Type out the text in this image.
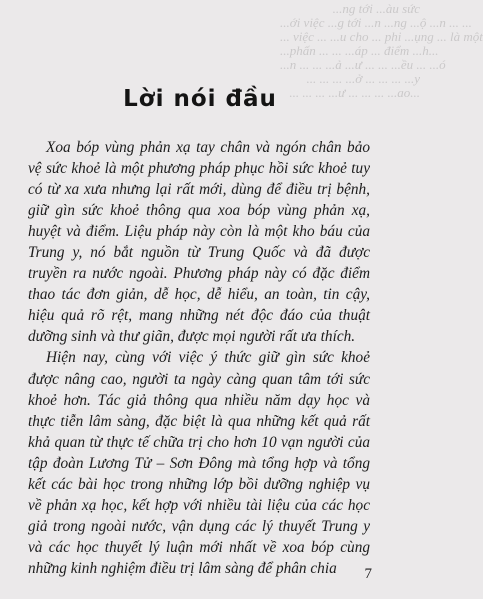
...ng tới ...àu sức
...ới việc ...g tới ...n ...ng ...ộ ...n ... ...
... việc ... ...u cho ... phi ...ụng ... là một
...phấn ... ... ...áp ... điểm ...h...
...n ... ... ...ả ...ư ... ... ...ều ... ...ó
... ... ... ...ở ... ... ... ...y
... ... ... ...ư ... ... ... ...ao...
Lời nói đầu

Xoa bóp vùng phản xạ tay chân và ngón chân bảo vệ sức khoẻ là một phương pháp phục hồi sức khoẻ tuy có từ xa xưa nhưng lại rất mới, dùng để điều trị bệnh, giữ gìn sức khoẻ thông qua xoa bóp vùng phản xạ, huyệt và điểm. Liệu pháp này còn là một kho báu của Trung y, nó bắt nguồn từ Trung Quốc và đã được truyền ra nước ngoài. Phương pháp này có đặc điểm thao tác đơn giản, dễ học, dễ hiểu, an toàn, tin cậy, hiệu quả rõ rệt, mang những nét độc đáo của thuật dưỡng sinh và thư giãn, được mọi người rất ưa thích.

Hiện nay, cùng với việc ý thức giữ gìn sức khoẻ được nâng cao, người ta ngày càng quan tâm tới sức khoẻ hơn. Tác giả thông qua nhiều năm dạy học và thực tiễn lâm sàng, đặc biệt là qua những kết quả rất khả quan từ thực tế chữa trị cho hơn 10 vạn người của tập đoàn Lương Tử – Sơn Đông mà tổng hợp và tổng kết các bài học trong những lớp bồi dưỡng nghiệp vụ về phản xạ học, kết hợp với nhiều tài liệu của các học giả trong ngoài nước, vận dụng các lý thuyết Trung y và các học thuyết lý luận mới nhất về xoa bóp cùng những kinh nghiệm điều trị lâm sàng để phân chia	7
